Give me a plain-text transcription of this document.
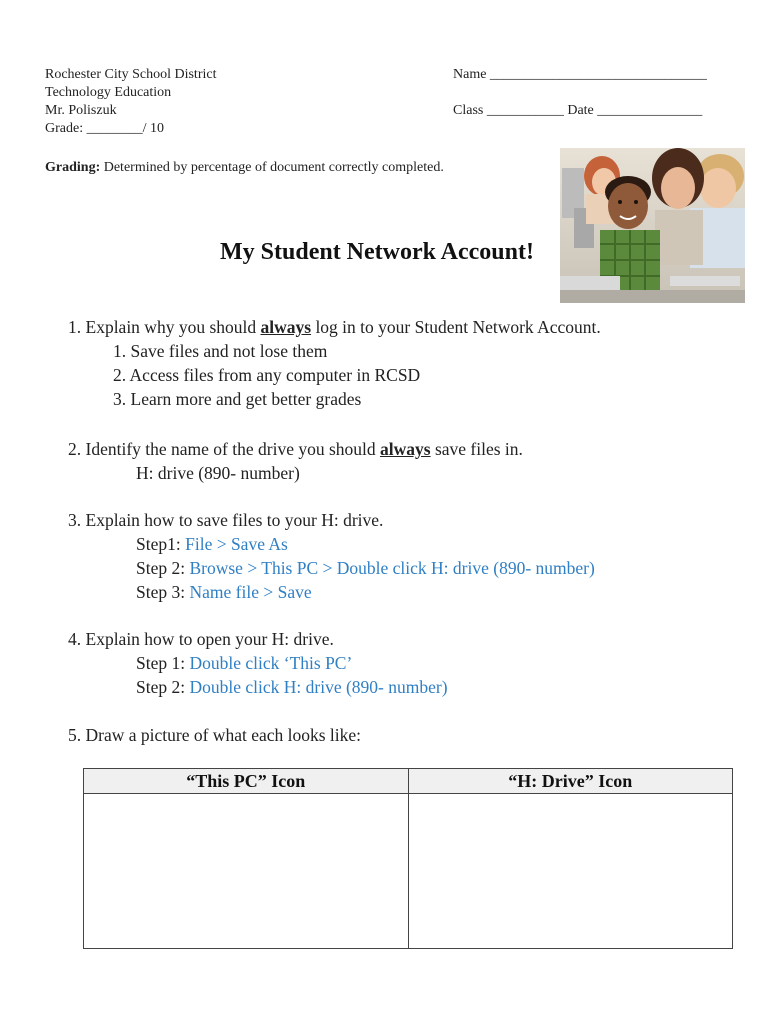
Rochester City School District
Technology Education
Mr. Poliszuk
Grade: ________/ 10
Name _______________________________
Class ___________ Date _______________
Grading: Determined by percentage of document correctly completed.
My Student Network Account!
1. Explain why you should always log in to your Student Network Account.
1. Save files and not lose them
2. Access files from any computer in RCSD
3. Learn more and get better grades
2. Identify the name of the drive you should always save files in.
H: drive (890- number)
3. Explain how to save files to your H: drive.
Step1: File > Save As
Step 2: Browse > This PC > Double click H: drive (890- number)
Step 3: Name file > Save
4. Explain how to open your H: drive.
Step 1: Double click ‘This PC’
Step 2: Double click H: drive (890- number)
5. Draw a picture of what each looks like:
“This PC” Icon	“H: Drive” Icon
